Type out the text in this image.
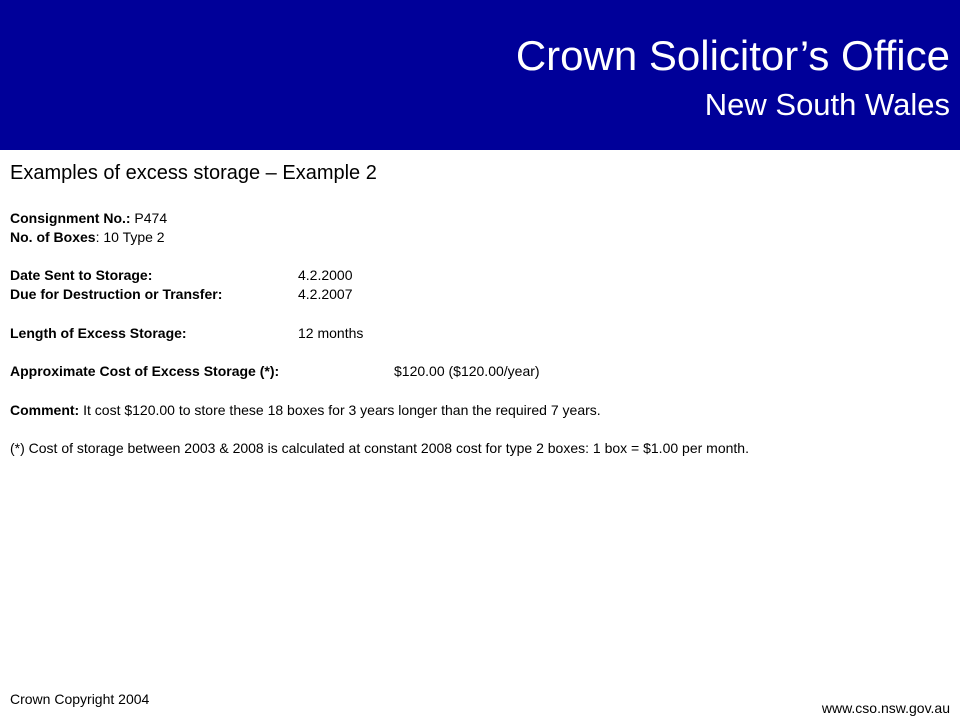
Crown Solicitor’s Office
New South Wales
Examples of excess storage – Example 2
Consignment No.: P474
No. of Boxes: 10 Type 2
Date Sent to Storage:	4.2.2000
Due for Destruction or Transfer:	4.2.2007
Length of Excess Storage:	12 months
Approximate Cost of Excess Storage (*):	$120.00 ($120.00/year)
Comment: It cost $120.00 to store these 18 boxes for 3 years longer than the required 7 years.
(*) Cost of storage between 2003 & 2008 is calculated at constant 2008 cost for type 2 boxes: 1 box = $1.00 per month.
Crown Copyright 2004
www.cso.nsw.gov.au
